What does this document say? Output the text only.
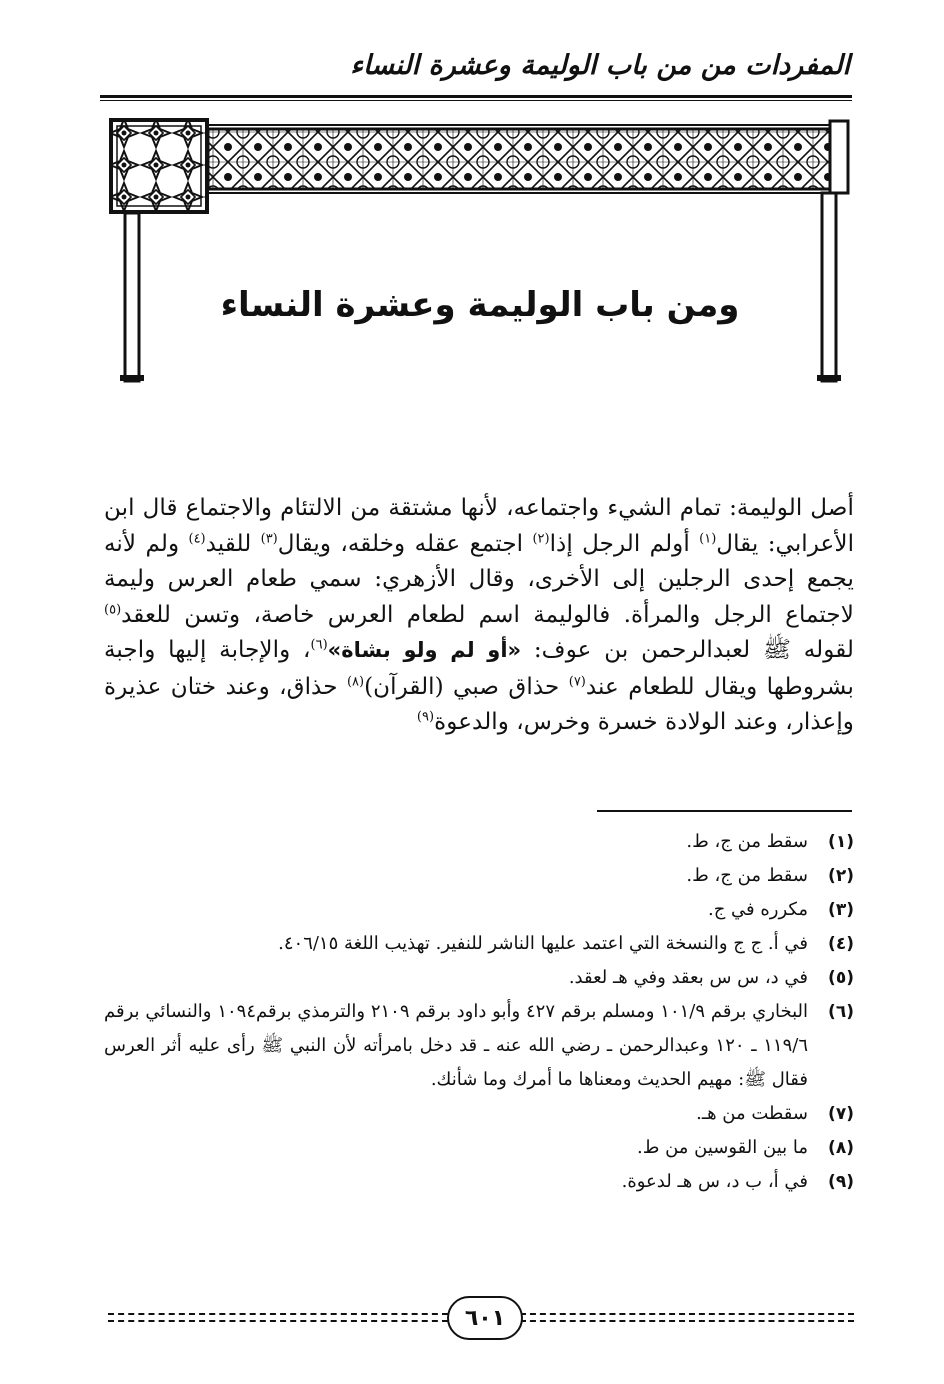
المفردات من من باب الوليمة وعشرة النساء
ومن باب الوليمة وعشرة النساء

أصل الوليمة: تمام الشيء واجتماعه، لأنها مشتقة من الالتئام والاجتماع قال ابن الأعرابي: يقال$^{(١)}$ أولم الرجل إذا$^{(٢)}$ اجتمع عقله وخلقه، ويقال$^{(٣)}$ للقيد$^{(٤)}$ ولم لأنه يجمع إحدى الرجلين إلى الأخرى، وقال الأزهري: سمي طعام العرس وليمة لاجتماع الرجل والمرأة. فالوليمة اسم لطعام العرس خاصة، وتسن للعقد$^{(٥)}$ لقوله ﷺ لعبدالرحمن بن عوف: «أو لم ولو بشاة»$^{(٦)}$، والإجابة إليها واجبة بشروطها ويقال للطعام عند$^{(٧)}$ حذاق صبي (القرآن)$^{(٨)}$ حذاق، وعند ختان عذيرة وإعذار، وعند الولادة خسرة وخرس، والدعوة$^{(٩)}$

(١)
سقط من ج، ط.
(٢)
سقط من ج، ط.
(٣)
مكرره في ج.
(٤)
في أ. ج ج والنسخة التي اعتمد عليها الناشر للنفير. تهذيب اللغة ٤٠٦/١٥.
(٥)
في د، س س بعقد وفي هـ لعقد.
(٦)
البخاري برقم ١٠١/٩ ومسلم برقم ٤٢٧ وأبو داود برقم ٢١٠٩ والترمذي برقم١٠٩٤ والنسائي برقم ١١٩/٦ ـ ١٢٠ وعبدالرحمن ـ رضي الله عنه ـ قد دخل بامرأته لأن النبي ﷺ رأى عليه أثر العرس فقال ﷺ: مهيم الحديث ومعناها ما أمرك وما شأنك.
(٧)
سقطت من هـ.
(٨)
ما بين القوسين من ط.
(٩)
في أ، ب د، س هـ لدعوة.
٦٠١
